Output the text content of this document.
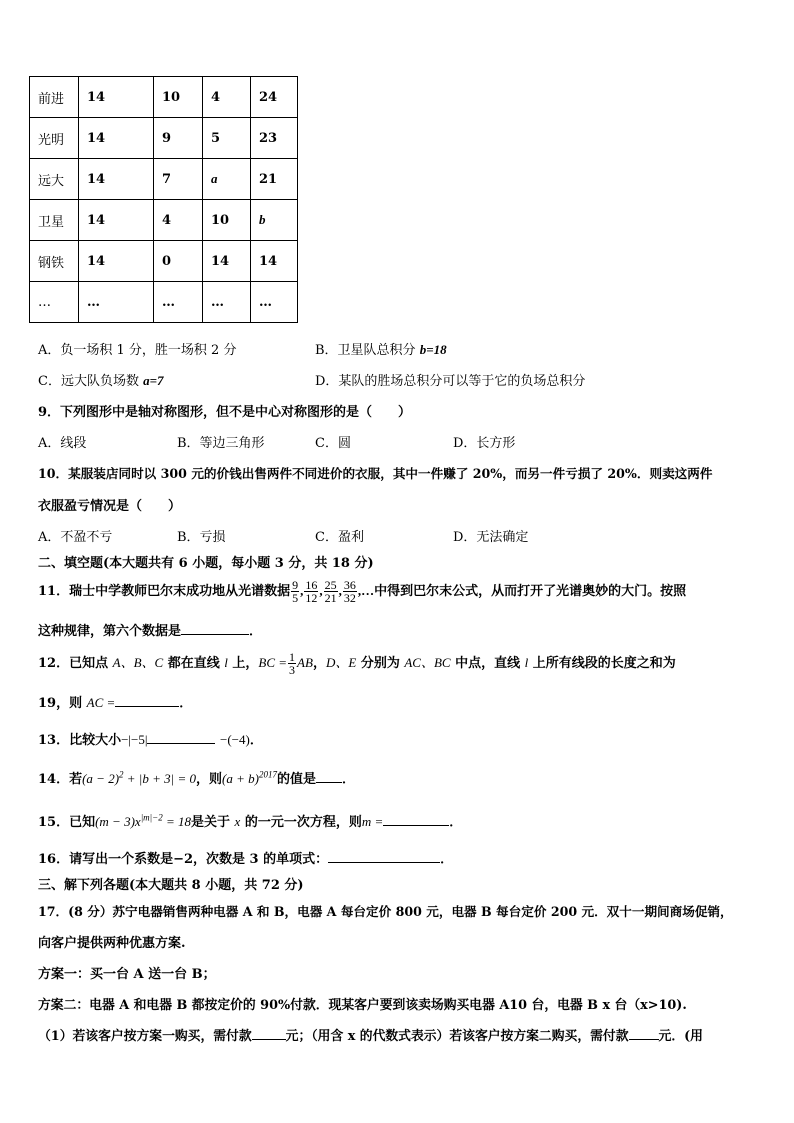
前进	14	10	4	24
光明	14	9	5	23
远大	14	7	a	21
卫星	14	4	10	b
钢铁	14	0	14	14
…	…	…	…	…
A．负一场积 1 分，胜一场积 2 分	B．卫星队总积分 b=18
C．远大队负场数 a=7	D．某队的胜场总积分可以等于它的负场总积分
9．下列图形中是轴对称图形，但不是中心对称图形的是（　　）
A．线段	B．等边三角形	C．圆	D．长方形
10．某服装店同时以 300 元的价钱出售两件不同进价的衣服，其中一件赚了 20%，而另一件亏损了 20%．则卖这两件
衣服盈亏情况是（　　）
A．不盈不亏	B．亏损	C．盈利	D．无法确定
二、填空题(本大题共有 6 小题，每小题 3 分，共 18 分)
11．瑞士中学教师巴尔末成功地从光谱数据 $\frac{9}{5}$ , $\frac{16}{12}$ , $\frac{25}{21}$ , $\frac{36}{32}$ ,…中得到巴尔末公式，从而打开了光谱奥妙的大门。按照
这种规律，第六个数据是	．
12．已知点 A、B、C 都在直线 l 上，BC = $\frac{1}{3}$ AB，D、E 分别为 AC、BC 中点，直线 l 上所有线段的长度之和为
19，则 AC =	．
13．比较大小−|−5|	−(−4)．
14．若$(a - 2)^2 + |b + 3| = 0$，则$(a + b)^{2017}$的值是 ．
15．已知$(m - 3)x^{|m|-2} = 18$是关于 x 的一元一次方程，则m =	．
16．请写出一个系数是−2，次数是 3 的单项式：	．
三、解下列各题(本大题共 8 小题，共 72 分)
17．(8 分）苏宁电器销售两种电器 A 和 B，电器 A 每台定价 800 元，电器 B 每台定价 200 元．双十一期间商场促销，
向客户提供两种优惠方案.
方案一：买一台 A 送一台 B；
方案二：电器 A 和电器 B 都按定价的 90%付款．现某客户要到该卖场购买电器 A10 台，电器 B x 台（x>10).
（1）若该客户按方案一购买，需付款	元；（用含 x 的代数式表示）若该客户按方案二购买，需付款 元．(用
